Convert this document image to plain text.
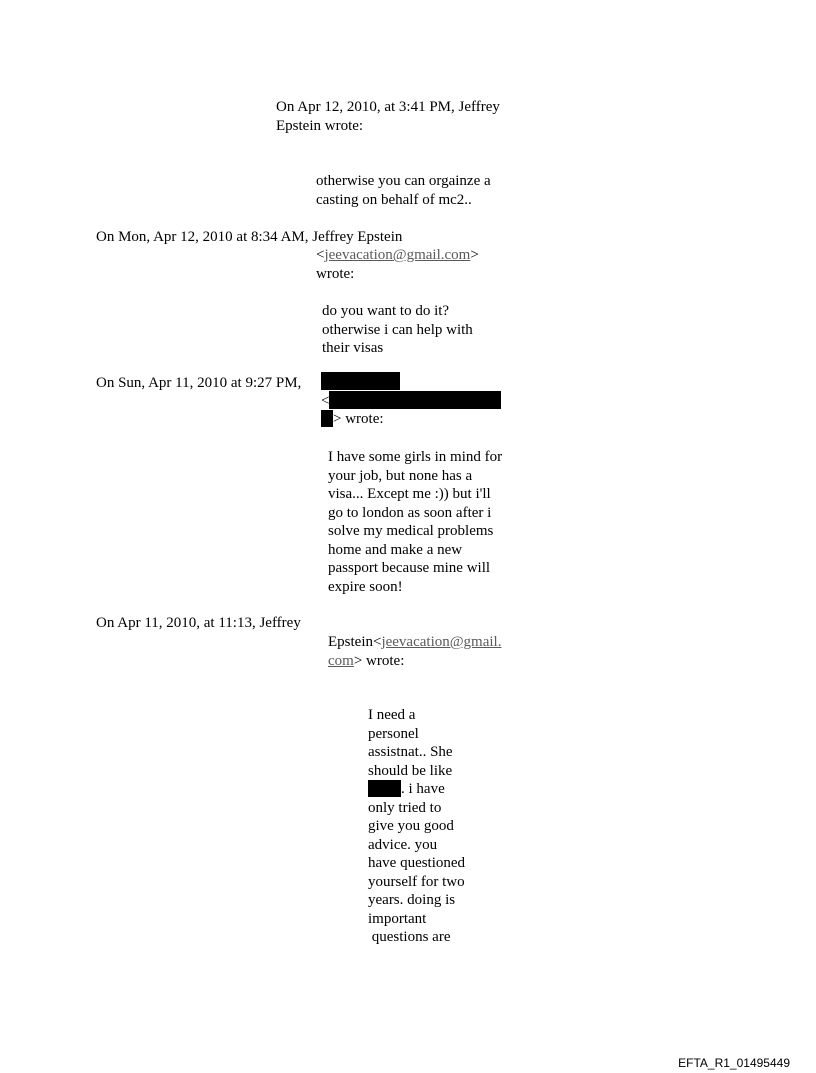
On Apr 12, 2010, at 3:41 PM, Jeffrey
Epstein wrote:
otherwise you can orgainze a
casting on behalf of mc2..
On Mon, Apr 12, 2010 at 8:34 AM, Jeffrey Epstein
<jeevacation@gmail.com>
wrote:
do you want to do it?
otherwise i can help with
their visas
On Sun, Apr 11, 2010 at 9:27 PM,
<
> wrote:
I have some girls in mind for
your job, but none has a
visa... Except me :)) but i'll
go to london as soon after i
solve my medical problems
home and make a new
passport because mine will
expire soon!
On Apr 11, 2010, at 11:13, Jeffrey
Epstein<jeevacation@gmail.
com> wrote:
I need a
personel
assistnat.. She
should be like
. i have
only tried to
give you good
advice. you
have questioned
yourself for two
years. doing is
important
questions are
EFTA_R1_01495449
